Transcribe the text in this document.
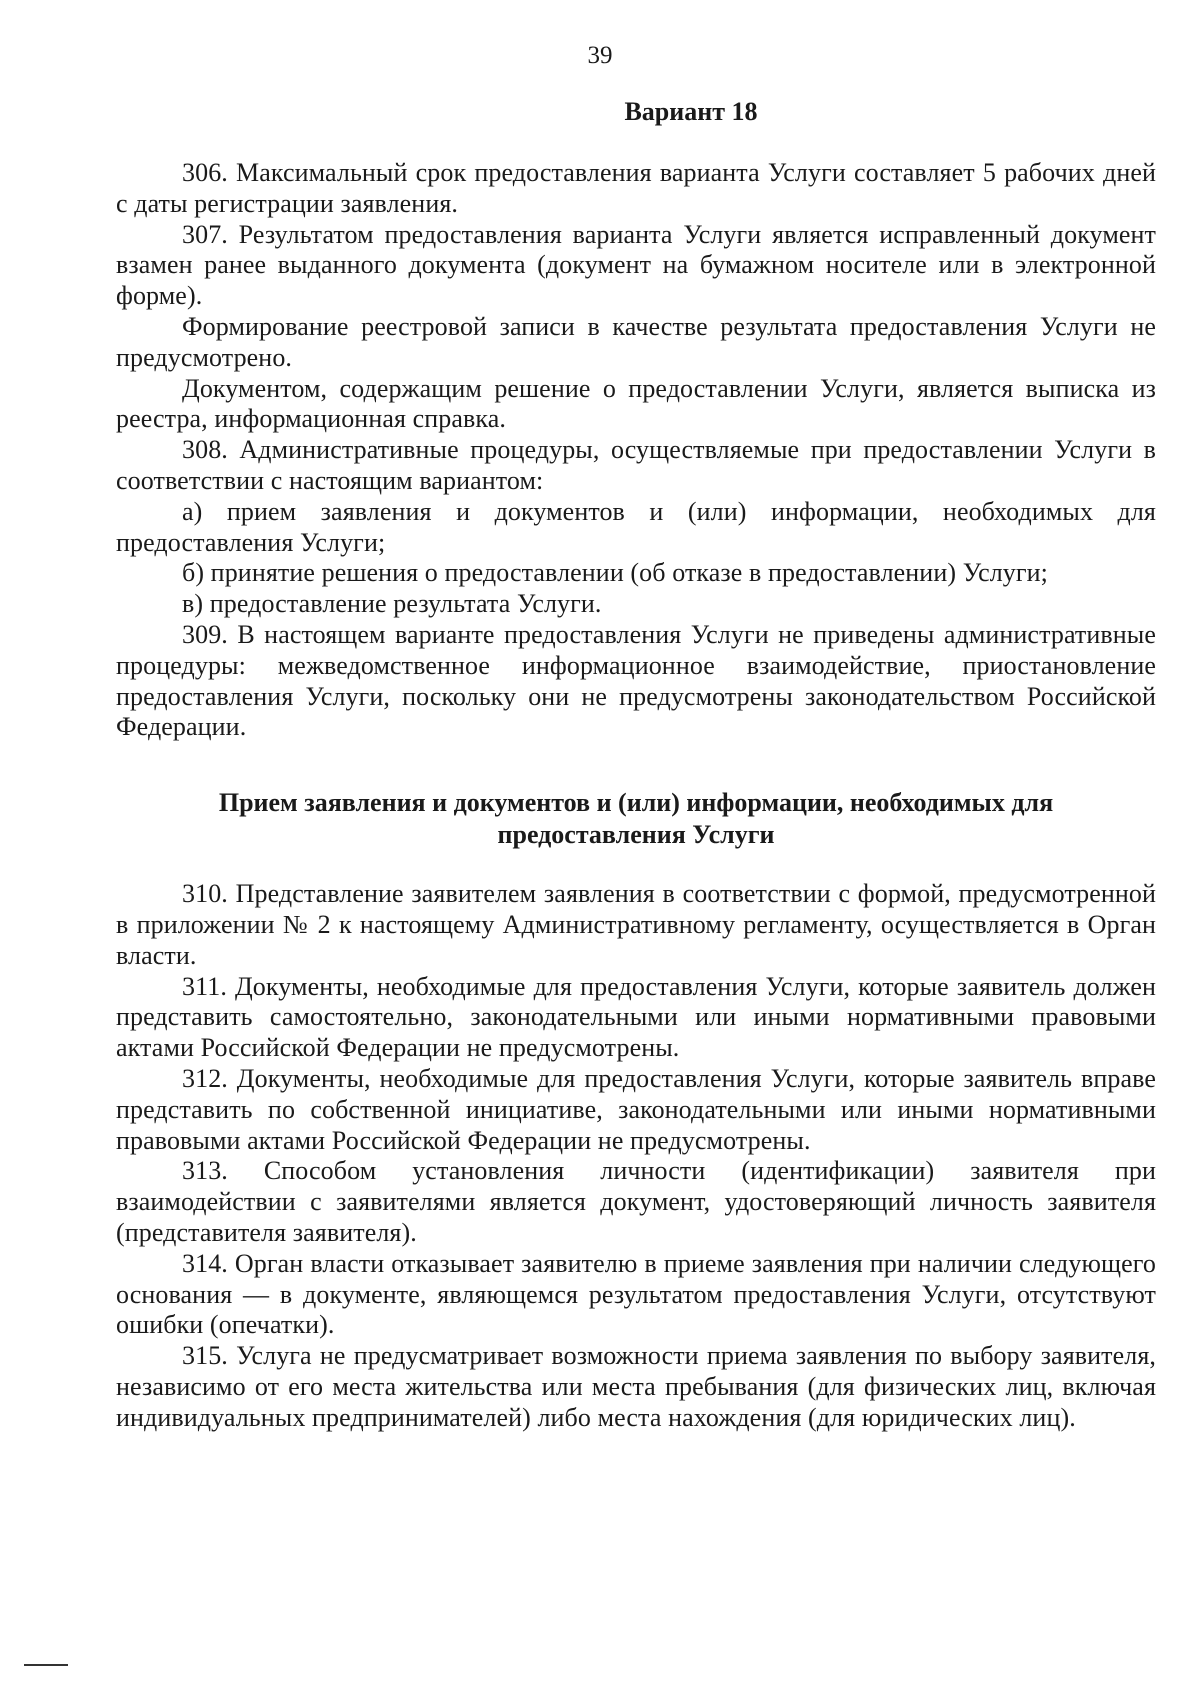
39
Вариант 18

306. Максимальный срок предоставления варианта Услуги составляет 5 рабочих дней с даты регистрации заявления.

307. Результатом предоставления варианта Услуги является исправленный документ взамен ранее выданного документа (документ на бумажном носителе или в электронной форме).

Формирование реестровой записи в качестве результата предоставления Услуги не предусмотрено.

Документом, содержащим решение о предоставлении Услуги, является выписка из реестра, информационная справка.

308. Административные процедуры, осуществляемые при предоставлении Услуги в соответствии с настоящим вариантом:

а) прием заявления и документов и (или) информации, необходимых для предоставления Услуги;

б) принятие решения о предоставлении (об отказе в предоставлении) Услуги;

в) предоставление результата Услуги.

309. В настоящем варианте предоставления Услуги не приведены административные процедуры: межведомственное информационное взаимодействие, приостановление предоставления Услуги, поскольку они не предусмотрены законодательством Российской Федерации.

Прием заявления и документов и (или) информации, необходимых для
предоставления Услуги

310. Представление заявителем заявления в соответствии с формой, предусмотренной в приложении № 2 к настоящему Административному регламенту, осуществляется в Орган власти.

311. Документы, необходимые для предоставления Услуги, которые заявитель должен представить самостоятельно, законодательными или иными нормативными правовыми актами Российской Федерации не предусмотрены.

312. Документы, необходимые для предоставления Услуги, которые заявитель вправе представить по собственной инициативе, законодательными или иными нормативными правовыми актами Российской Федерации не предусмотрены.

313. Способом установления личности (идентификации) заявителя при взаимодействии с заявителями является документ, удостоверяющий личность заявителя (представителя заявителя).

314. Орган власти отказывает заявителю в приеме заявления при наличии следующего основания — в документе, являющемся результатом предоставления Услуги, отсутствуют ошибки (опечатки).

315. Услуга не предусматривает возможности приема заявления по выбору заявителя, независимо от его места жительства или места пребывания (для физических лиц, включая индивидуальных предпринимателей) либо места нахождения (для юридических лиц).
